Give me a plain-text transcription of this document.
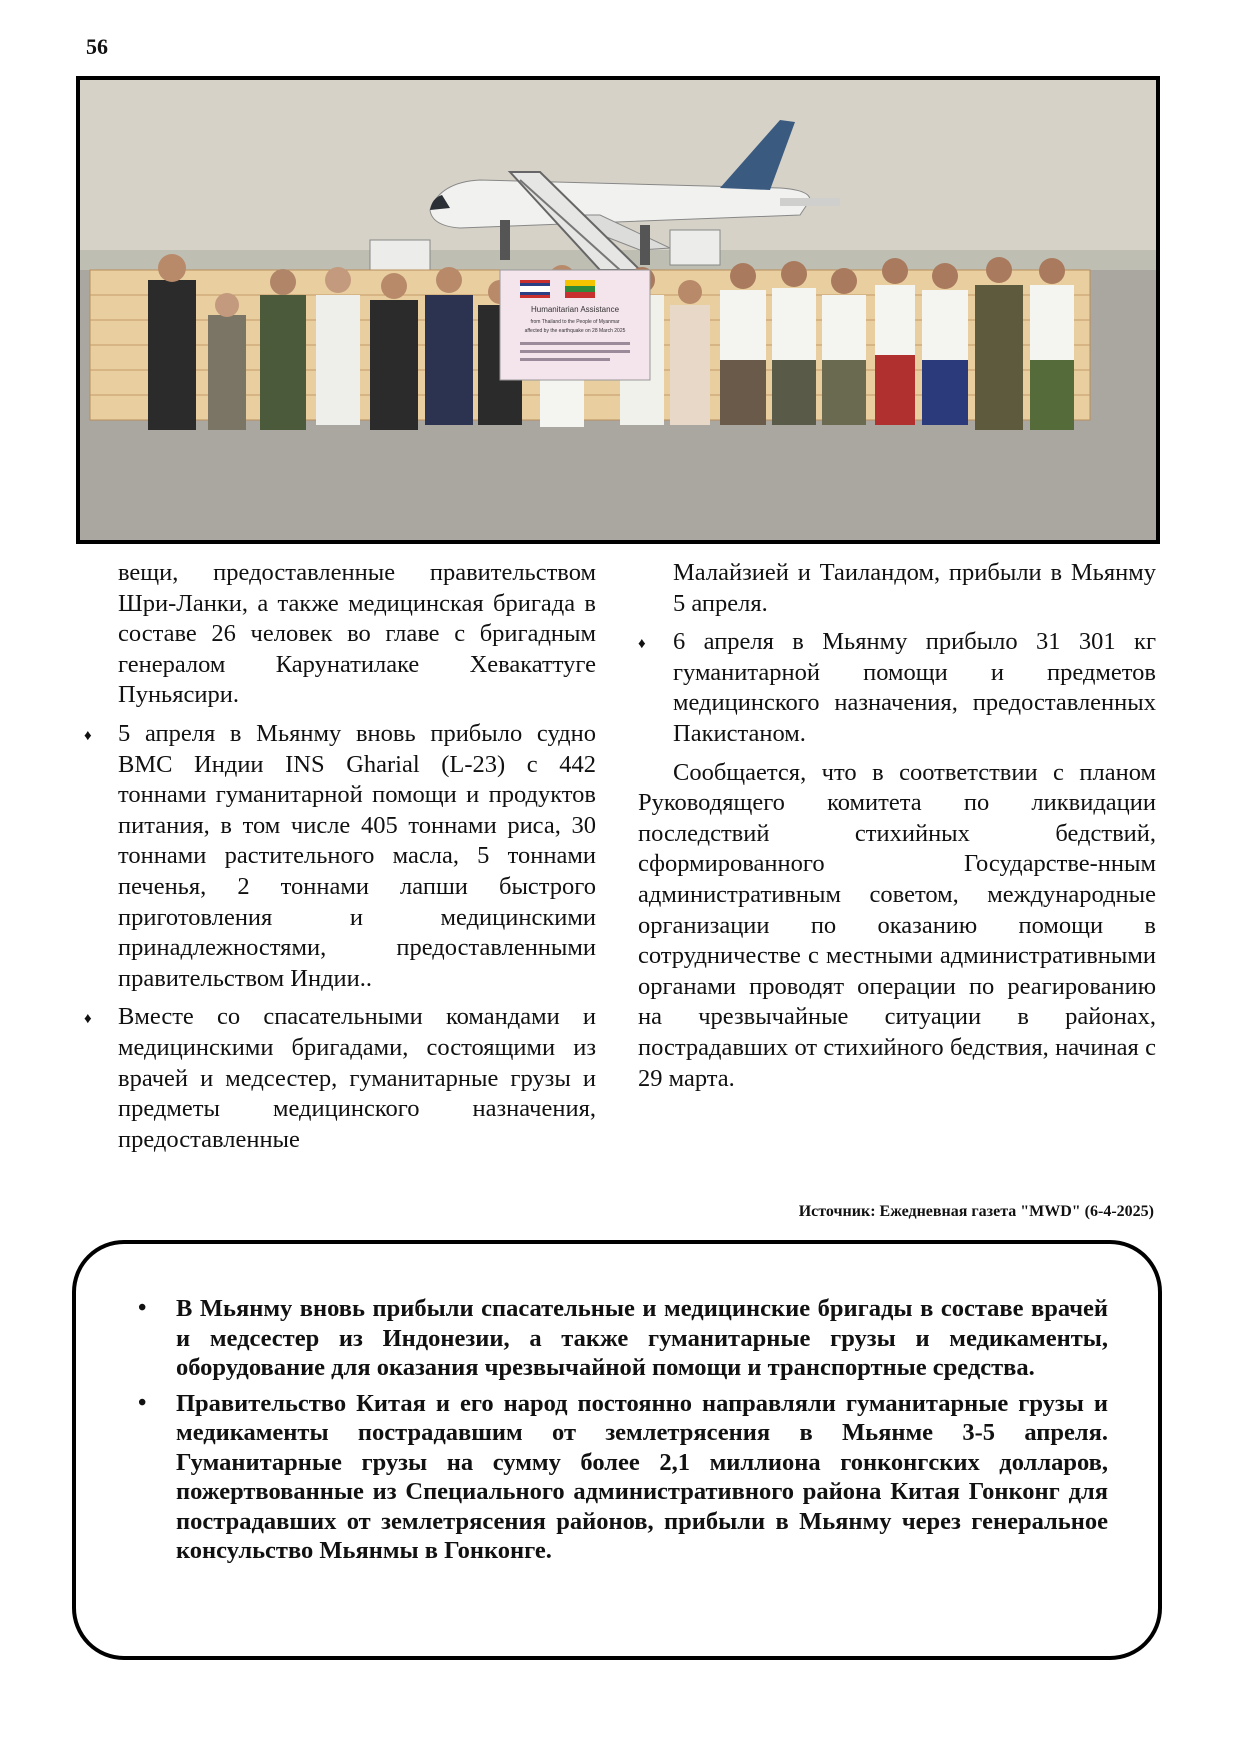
56
Humanitarian Assistance
from Thailand to the People of Myanmar
affected by the earthquake on 28 March 2025

вещи, предоставленные правительством Шри-Ланки, а также медицинская бригада в составе 26 человек во главе с бригадным генералом Карунатилаке Хевакаттуге Пуньясири.

♦ 5 апреля в Мьянму вновь прибыло судно ВМС Индии INS Gharial (L-23) с 442 тоннами гуманитарной помощи и продуктов питания, в том числе 405 тоннами риса, 30 тоннами растительного масла, 5 тоннами печенья, 2 тоннами лапши быстрого приготовления и медицинскими принадлежностями, предоставленными правительством Индии..
♦ Вместе со спасательными командами и медицинскими бригадами, состоящими из врачей и медсестер, гуманитарные грузы и предметы медицинского назначения, предоставленные

Малайзией и Таиландом, прибыли в Мьянму 5 апреля.

♦ 6 апреля в Мьянму прибыло 31 301 кг гуманитарной помощи и предметов медицинского назначения, предоставленных Пакистаном.

Сообщается, что в соответствии с планом Руководящего комитета по ликвидации последствий стихийных бедствий, сформированного Государстве-нным административным советом, международные организации по оказанию помощи в сотрудничестве с местными административными органами проводят операции по реагированию на чрезвычайные ситуации в районах, пострадавших от стихийного бедствия, начиная с 29 марта.

Источник: Ежедневная газета "MWD" (6-4-2025)
• В Мьянму вновь прибыли спасательные и медицинские бригады в составе врачей и медсестер из Индонезии, а также гуманитарные грузы и медикаменты, оборудование для оказания чрезвычайной помощи и транспортные средства.
• Правительство Китая и его народ постоянно направляли гуманитарные грузы и медикаменты пострадавшим от землетрясения в Мьянме 3-5 апреля. Гуманитарные грузы на сумму более 2,1 миллиона гонконгских долларов, пожертвованные из Специального административного района Китая Гонконг для пострадавших от землетрясения районов, прибыли в Мьянму через генеральное консульство Мьянмы в Гонконге.
